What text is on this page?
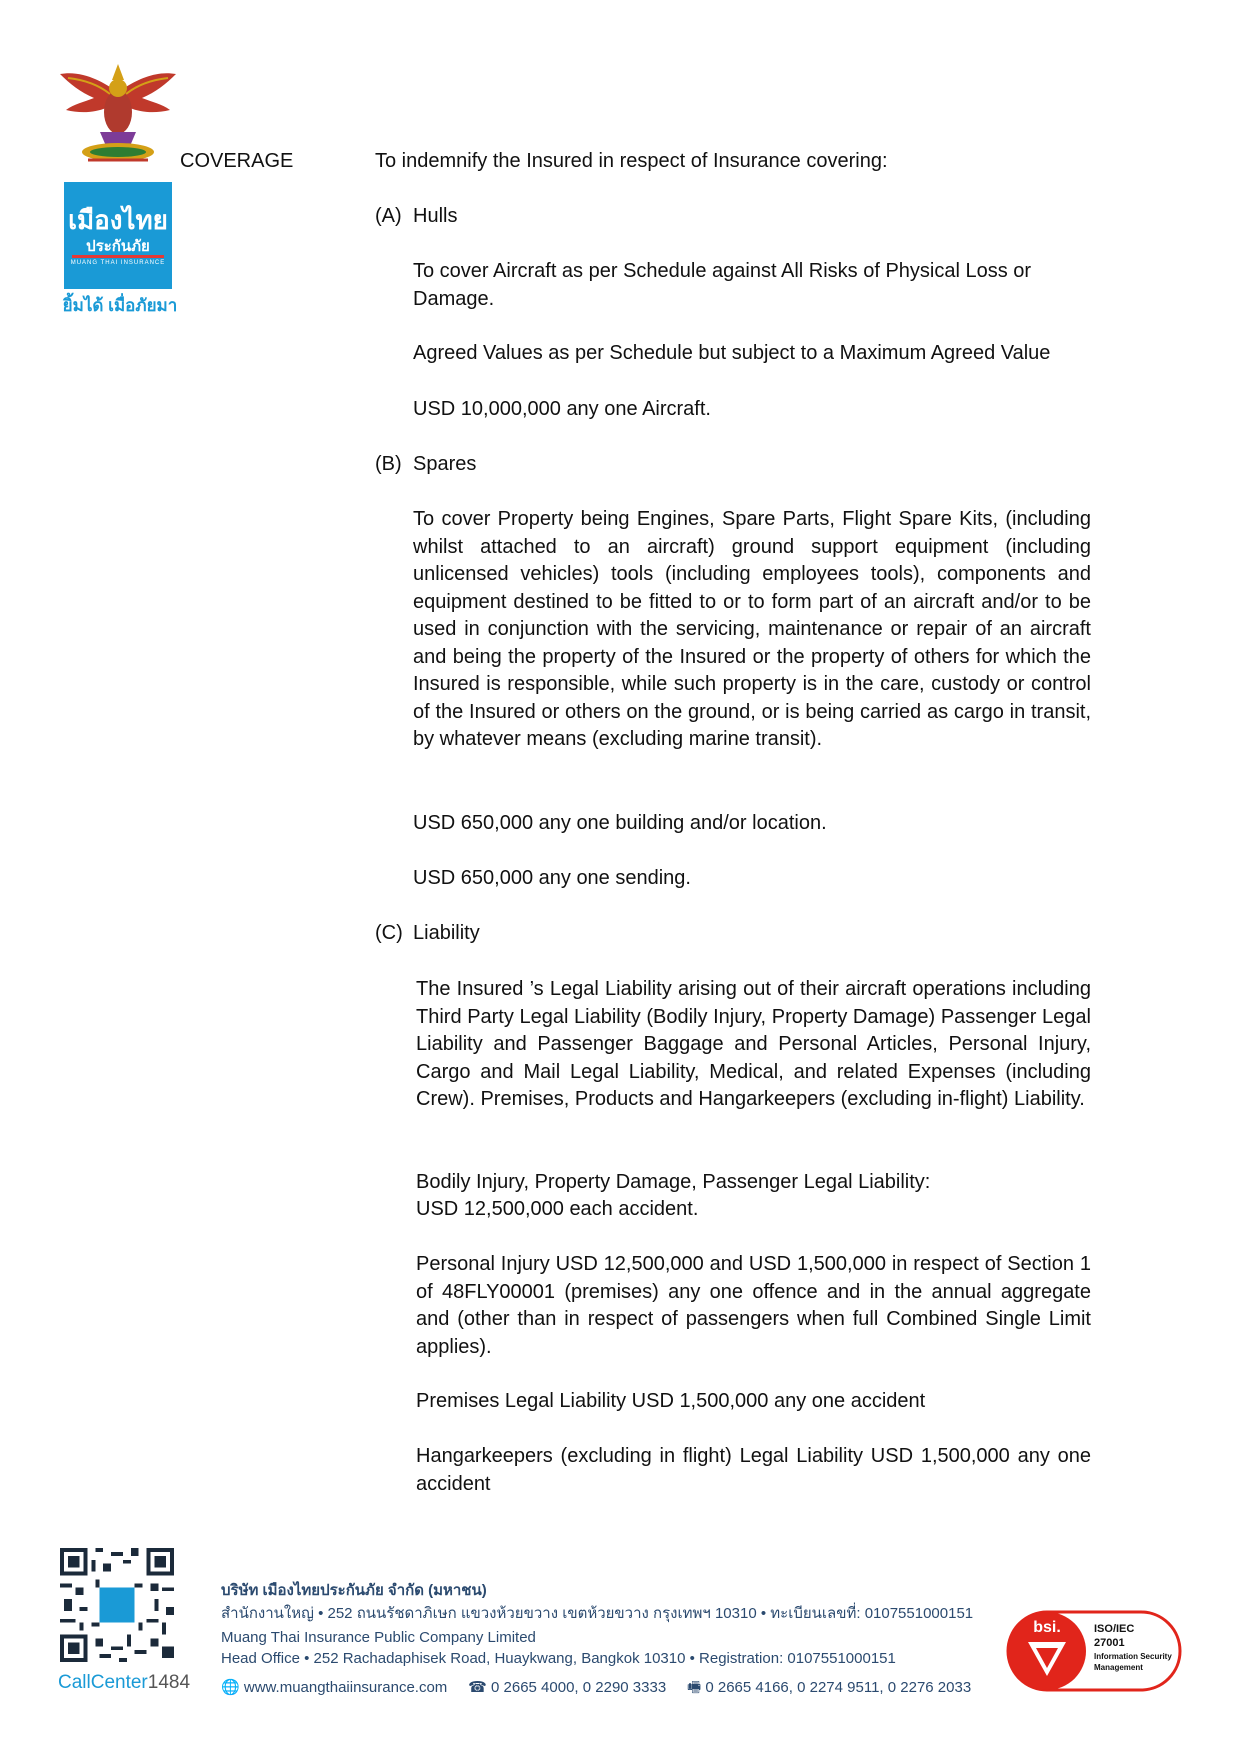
เมืองไทย
ประกันภัย
MUANG THAI INSURANCE
ยิ้มได้ เมื่อภัยมา
COVERAGE	To indemnify the Insured in respect of Insurance covering:
(A) Hulls
To cover Aircraft as per Schedule against All Risks of Physical Loss or Damage.
Agreed Values as per Schedule but subject to a Maximum Agreed Value
USD 10,000,000 any one Aircraft.
(B) Spares
To cover Property being Engines, Spare Parts, Flight Spare Kits, (including whilst attached to an aircraft) ground support equipment (including unlicensed vehicles) tools (including employees tools), components and equipment destined to be fitted to or to form part of an aircraft and/or to be used in conjunction with the servicing, maintenance or repair of an aircraft and being the property of the Insured or the property of others for which the Insured is responsible, while such property is in the care, custody or control of the Insured or others on the ground, or is being carried as cargo in transit, by whatever means (excluding marine transit).
USD 650,000 any one building and/or location.
USD 650,000 any one sending.
(C) Liability
The Insured ’s Legal Liability arising out of their aircraft operations including Third Party Legal Liability (Bodily Injury, Property Damage) Passenger Legal Liability and Passenger Baggage and Personal Articles, Personal Injury, Cargo and Mail Legal Liability, Medical, and related Expenses (including Crew). Premises, Products and Hangarkeepers (excluding in-flight) Liability.
Bodily Injury, Property Damage, Passenger Legal Liability:
USD 12,500,000 each accident.
Personal Injury USD 12,500,000 and USD 1,500,000 in respect of Section 1 of 48FLY00001 (premises) any one offence and in the annual aggregate and (other than in respect of passengers when full Combined Single Limit applies).
Premises Legal Liability USD 1,500,000 any one accident
Hangarkeepers (excluding in flight) Legal Liability USD 1,500,000 any one accident
CallCenter1484
บริษัท เมืองไทยประกันภัย จำกัด (มหาชน)
สำนักงานใหญ่ • 252 ถนนรัชดาภิเษก แขวงห้วยขวาง เขตห้วยขวาง กรุงเทพฯ 10310 • ทะเบียนเลขที่: 0107551000151
Muang Thai Insurance Public Company Limited
Head Office • 252 Rachadaphisek Road, Huaykwang, Bangkok 10310 • Registration: 0107551000151
🌐 www.muangthaiinsurance.com ☎ 0 2665 4000, 0 2290 3333 🖷 0 2665 4166, 0 2274 9511, 0 2276 2033
bsi.	ISO/IEC
27001
Information Security
Management
